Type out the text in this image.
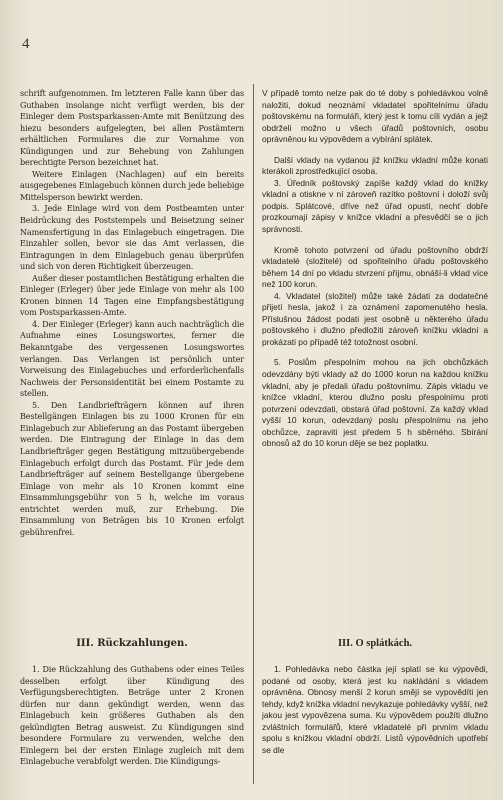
4

schrift aufgenommen. Im letzteren Falle kann über das Guthaben insolange nicht verfügt werden, bis der Einleger dem Postsparkassen-Amte mit Benützung des hiezu besonders aufgelegten, bei allen Postämtern erhältlichen Formulares die zur Vornahme von Kündigungen und zur Behebung von Zahlungen berechtigte Person bezeichnet hat.

Weitere Einlagen (Nachlagen) auf ein bereits ausgegebenes Einlagebuch können durch jede beliebige Mittelsperson bewirkt werden.

3. Jede Einlage wird von dem Postbeamten unter Beidrückung des Poststempels und Beisetzung seiner Namensfertigung in das Einlagebuch eingetragen. Die Einzahler sollen, bevor sie das Amt verlassen, die Eintragungen in dem Einlagebuch genau überprüfen und sich von deren Richtigkeit überzeugen.

Außer dieser postamtlichen Bestätigung erhalten die Einleger (Erleger) über jede Einlage von mehr als 100 Kronen binnen 14 Tagen eine Empfangsbestätigung vom Postsparkassen-Amte.

4. Der Einleger (Erleger) kann auch nachträglich die Aufnahme eines Losungswortes, ferner die Bekanntgabe des vergessenen Losungswortes verlangen. Das Verlangen ist persönlich unter Vorweisung des Einlagebuches und erforderlichenfalls Nachweis der Personsidentität bei einem Postamte zu stellen.

5. Den Landbriefträgern können auf ihren Bestellgängen Einlagen bis zu 1000 Kronen für ein Einlagebuch zur Ablieferung an das Postamt übergeben werden. Die Eintragung der Einlage in das dem Landbriefträger gegen Bestätigung mitzuübergebende Einlagebuch erfolgt durch das Postamt. Für jede dem Landbriefträger auf seinem Bestellgange übergebene Einlage von mehr als 10 Kronen kommt eine Einsammlungsgebühr von 5 h, welche im voraus entrichtet werden muß, zur Erhebung. Die Einsammlung von Beträgen bis 10 Kronen erfolgt gebührenfrei.

V případě tomto nelze pak do té doby s pohledávkou volně naložiti, dokud neoznámí vkladatel spořitelnímu úřadu poštovskému na formuláři, který jest k tomu cíli vydán a jejž obdrželi možno u všech úřadů poštovních, osobu oprávněnou ku výpovědem a vybírání splátek.

Další vklady na vydanou již knížku vkladní může konati kterákoli zprostředkující osoba.

3. Úředník poštovský zapíše každý vklad do knížky vkladní a otiskne v ní zároveň razítko poštovní i doloží svůj podpis. Splátcové, dříve než úřad opustí, nechť dobře prozkoumají zápisy v knížce vkladní a přesvědčí se o jich správnosti.

Kromě tohoto potvrzení od úřadu poštovního obdrží vkladatelé (složitelé) od spořitelního úřadu poštovského během 14 dní po vkladu stvrzení příjmu, obnáší-li vklad více než 100 korun.

4. Vkladatel (složitel) může také žádati za dodatečné přijetí hesla, jakož i za oznámení zapomenutého hesla. Příslušnou žádost podati jest osobně u některého úřadu poštovského i dlužno předložiti zároveň knížku vkladní a prokázati po případě též totožnost osobní.

5. Poslům přespolním mohou na jich obchůzkách odevzdány býti vklady až do 1000 korun na každou knížku vkladní, aby je předali úřadu poštovnímu. Zápis vkladu ve knížce vkladní, kterou dlužno poslu přespolnímu proti potvrzení odevzdati, obstará úřad poštovní. Za každý vklad vyšší 10 korun, odevzdaný poslu přespolnímu na jeho obchůzce, zapraviti jest předem 5 h sběrného. Sbírání obnosů až do 10 korun děje se bez poplatku.

III. Rückzahlungen.	III. O splátkách.

1. Die Rückzahlung des Guthabens oder eines Teiles desselben erfolgt über Kündigung des Verfügungsberechtigten. Beträge unter 2 Kronen dürfen nur dann gekündigt werden, wenn das Einlagebuch kein größeres Guthaben als den gekündigten Betrag ausweist. Zu Kündigungen sind besondere Formulare zu verwenden, welche den Einlegern bei der ersten Einlage zugleich mit dem Einlagebuche verabfolgt werden. Die Kündigungs-

1. Pohledávka nebo částka její splatí se ku výpovědi, podané od osoby, která jest ku nakládání s vkladem oprávněna. Obnosy menší 2 korun smějí se vypovědíti jen tehdy, když knížka vkladní nevykazuje pohledávky vyšší, než jakou jest vypovězena suma. Ku výpovědem použíti dlužno zvláštních formulářů, které vkladatelé při prvním vkladu spolu s knížkou vkladní obdrží. Listů výpovědních upotřebí se dle
